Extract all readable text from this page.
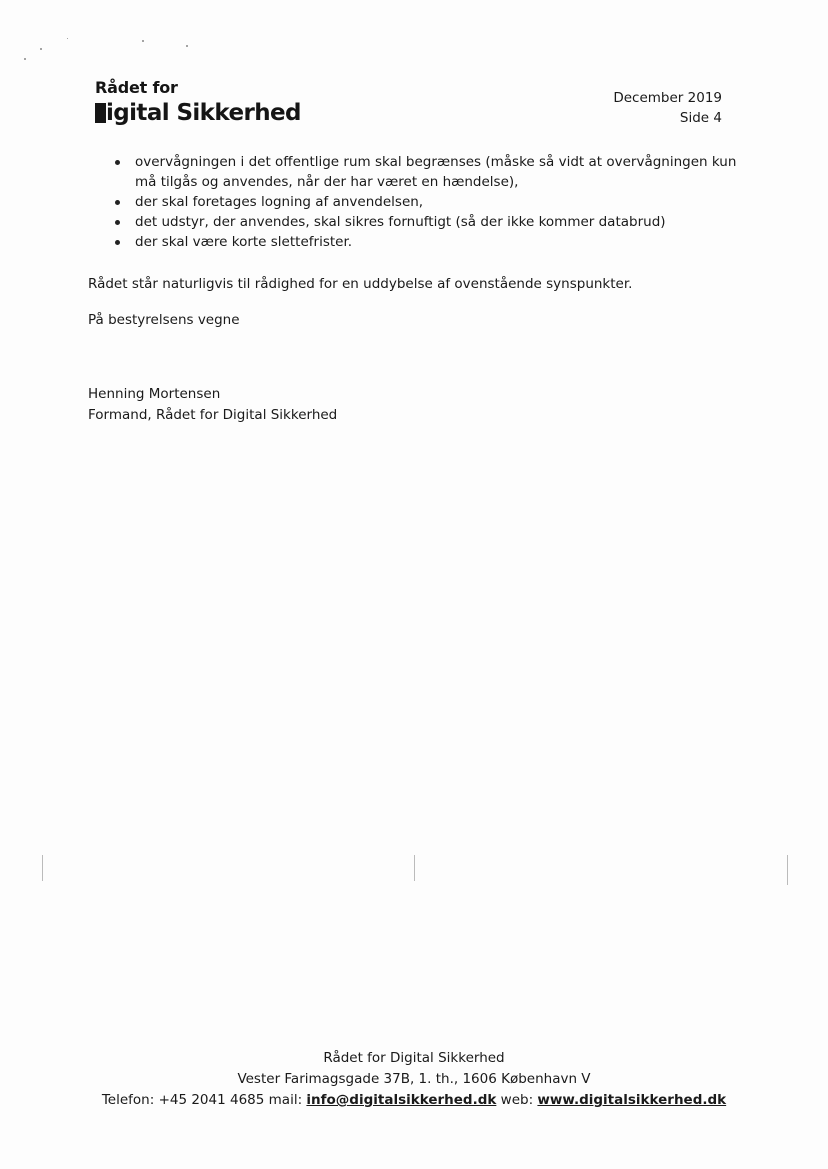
Rådet for
igital Sikkerhed
December 2019
Side 4
overvågningen i det offentlige rum skal begrænses (måske så vidt at overvågningen kun må tilgås og anvendes, når der har været en hændelse),
der skal foretages logning af anvendelsen,
det udstyr, der anvendes, skal sikres fornuftigt (så der ikke kommer databrud)
der skal være korte slettefrister.

Rådet står naturligvis til rådighed for en uddybelse af ovenstående synspunkter.

På bestyrelsens vegne

Henning Mortensen

Formand, Rådet for Digital Sikkerhed

Rådet for Digital Sikkerhed
Vester Farimagsgade 37B, 1. th., 1606 København V
Telefon: +45 2041 4685 mail: info@digitalsikkerhed.dk web: www.digitalsikkerhed.dk
